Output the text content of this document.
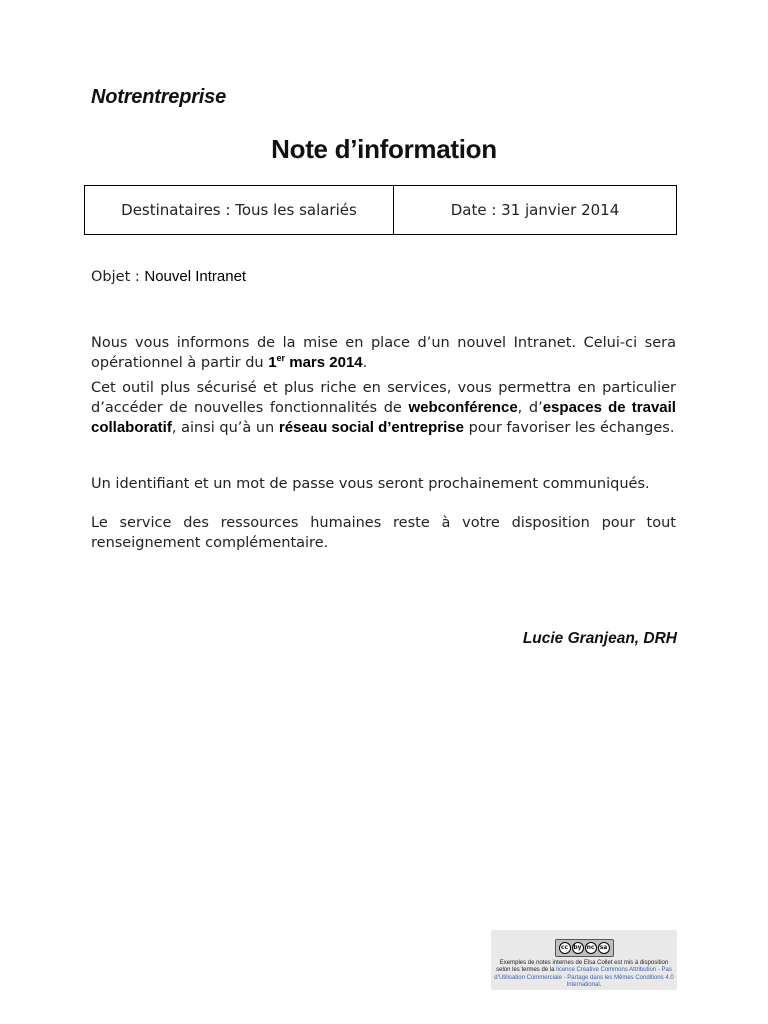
Notrentreprise
Note d’information
Destinataires : Tous les salariés	Date : 31 janvier 2014
Objet : Nouvel Intranet
Nous vous informons de la mise en place d’un nouvel Intranet. Celui-ci sera opérationnel à partir du 1er mars 2014.
Cet outil plus sécurisé et plus riche en services, vous permettra en particulier d’accéder de nouvelles fonctionnalités de webconférence, d’espaces de travail collaboratif, ainsi qu’à un réseau social d’entreprise pour favoriser les échanges.
Un identifiant et un mot de passe vous seront prochainement communiqués.
Le service des ressources humaines reste à votre disposition pour tout renseignement complémentaire.
Lucie Granjean, DRH
cc by nc sa
Exemples de notes internes de Elsa Collet est mis à disposition selon les termes de la licence Creative Commons Attribution - Pas d’Utilisation Commerciale - Partage dans les Mêmes Conditions 4.0 International.
